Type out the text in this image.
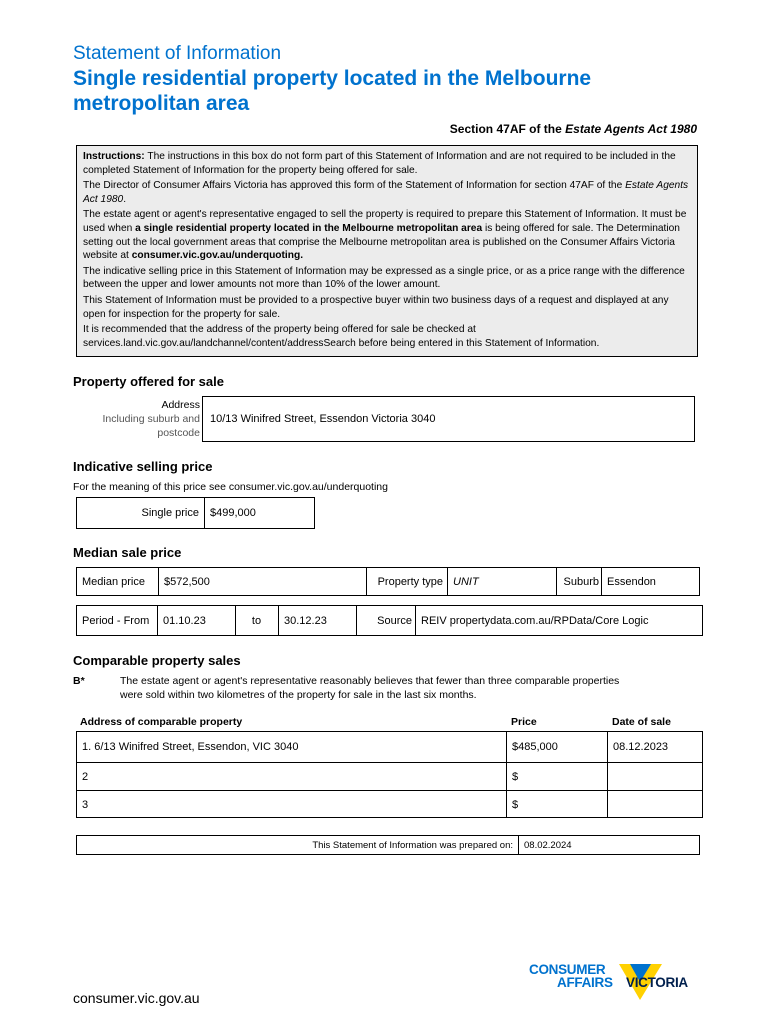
Statement of Information
Single residential property located in the Melbourne
metropolitan area
Section 47AF of the Estate Agents Act 1980

Instructions: The instructions in this box do not form part of this Statement of Information and are not required to be included in the completed Statement of Information for the property being offered for sale.

The Director of Consumer Affairs Victoria has approved this form of the Statement of Information for section 47AF of the Estate Agents Act 1980.

The estate agent or agent's representative engaged to sell the property is required to prepare this Statement of Information. It must be used when a single residential property located in the Melbourne metropolitan area is being offered for sale. The Determination setting out the local government areas that comprise the Melbourne metropolitan area is published on the Consumer Affairs Victoria website at consumer.vic.gov.au/underquoting.

The indicative selling price in this Statement of Information may be expressed as a single price, or as a price range with the difference between the upper and lower amounts not more than 10% of the lower amount.

This Statement of Information must be provided to a prospective buyer within two business days of a request and displayed at any open for inspection for the property for sale.

It is recommended that the address of the property being offered for sale be checked at services.land.vic.gov.au/landchannel/content/addressSearch before being entered in this Statement of Information.

Property offered for sale
Address
Including suburb and
postcode
10/13 Winifred Street, Essendon Victoria 3040
Indicative selling price
For the meaning of this price see consumer.vic.gov.au/underquoting
Single price	$499,000
Median sale price
Median price	$572,500	Property type UNIT	Suburb Essendon
Period - From	01.10.23	to	30.12.23	Source REIV propertydata.com.au/RPData/Core Logic
Comparable property sales
B*	The estate agent or agent's representative reasonably believes that fewer than three comparable properties
were sold within two kilometres of the property for sale in the last six months.
Address of comparable property	Price	Date of sale
1. 6/13 Winifred Street, Essendon, VIC 3040	$485,000	08.12.2023
2	$
3	$
This Statement of Information was prepared on:	08.02.2024
CONSUMER
AFFAIRS VICTORIA
consumer.vic.gov.au
